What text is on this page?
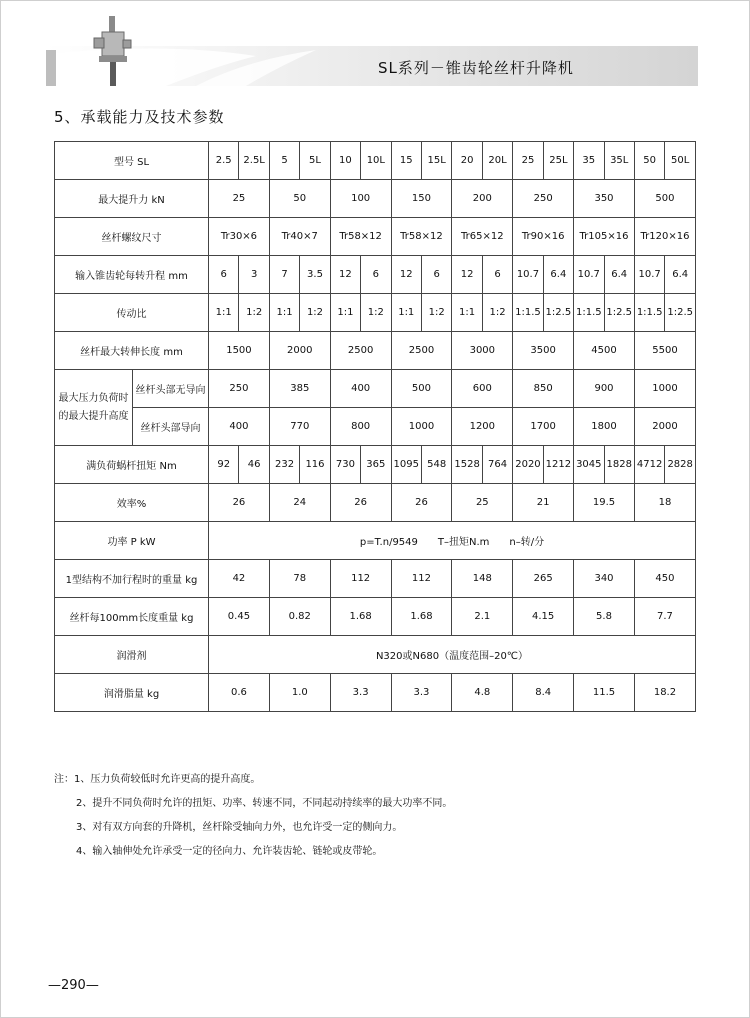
SL系列－锥齿轮丝杆升降机
5、承载能力及技术参数
型号 SL		2.5	2.5L	5	5L	10	10L	15	15L	20	20L	25	25L	35	35L	50	50L
最大提升力 kN		25		50		100		150		200		250		350		500	
丝杆螺纹尺寸		Tr30×6		Tr40×7		Tr58×12		Tr58×12		Tr65×12		Tr90×16		Tr105×16		Tr120×16	
输入锥齿轮每转升程 mm		6	3	7	3.5	12	6	12	6	12	6	10.7	6.4	10.7	6.4	10.7	6.4
传动比		1:1	1:2	1:1	1:2	1:1	1:2	1:1	1:2	1:1	1:2	1:1.5	1:2.5	1:1.5	1:2.5	1:1.5	1:2.5
丝杆最大转伸长度 mm		1500		2000		2500		2500		3000		3500		4500		5500	

最大压力负荷时
的最大提升高度	丝杆头部无导向	250		385		400		500		600		850		900		1000	
	丝杆头部导向	400		770		800		1000		1200		1700		1800		2000	
满负荷蜗杆扭矩 Nm		92	46	232	116	730	365	1095	548	1528	764	2020	1212	3045	1828	4712	2828
效率%		26		24		26		26		25		21		19.5		18	
功率 P kW		p=T.n/9549　　T–扭矩N.m　　n–转/分															
1型结构不加行程时的重量 kg		42		78		112		112		148		265		340		450	
丝杆每100mm长度重量 kg		0.45		0.82		1.68		1.68		2.1		4.15		5.8		7.7	
润滑剂		N320或N680（温度范围–20℃）															
润滑脂量 kg		0.6		1.0		3.3		3.3		4.8		8.4		11.5		18.2	
注：1、压力负荷较低时允许更高的提升高度。
2、提升不同负荷时允许的扭矩、功率、转速不同，不同起动持续率的最大功率不同。
3、对有双方向套的升降机，丝杆除受轴向力外，也允许受一定的侧向力。
4、输入轴伸处允许承受一定的径向力、允许装齿轮、链轮或皮带轮。
—290—
